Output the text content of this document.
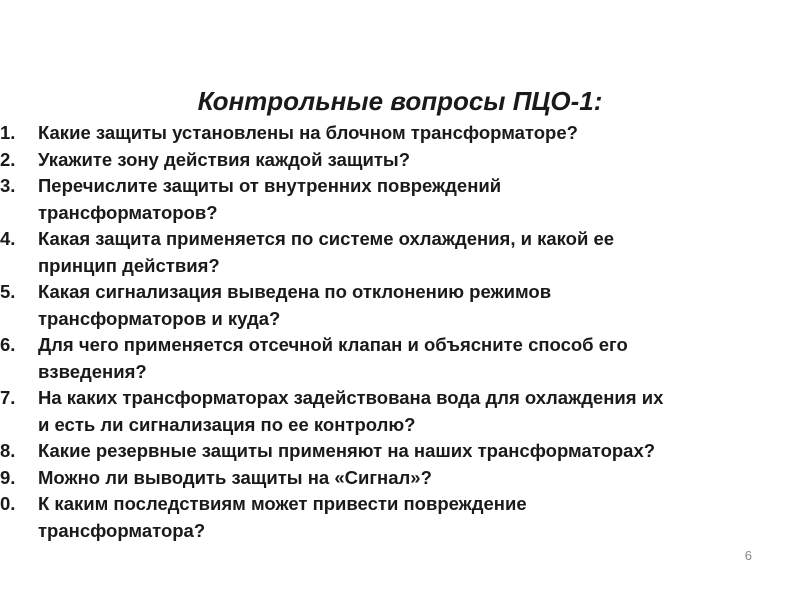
Контрольные вопросы ПЦО-1:
1. Какие защиты установлены на блочном трансформаторе?
2. Укажите зону действия каждой защиты?
3. Перечислите защиты от внутренних повреждений
трансформаторов?
4. Какая защита применяется по системе охлаждения, и какой ее
принцип действия?
5. Какая сигнализация выведена по отклонению режимов
трансформаторов и куда?
6. Для чего применяется отсечной клапан и объясните способ его
взведения?
7. На каких трансформаторах задействована вода для охлаждения их
и есть ли сигнализация по ее контролю?
8. Какие резервные защиты применяют на наших трансформаторах?
9. Можно ли выводить защиты на «Сигнал»?
0. К каким последствиям может привести повреждение
трансформатора?
6
